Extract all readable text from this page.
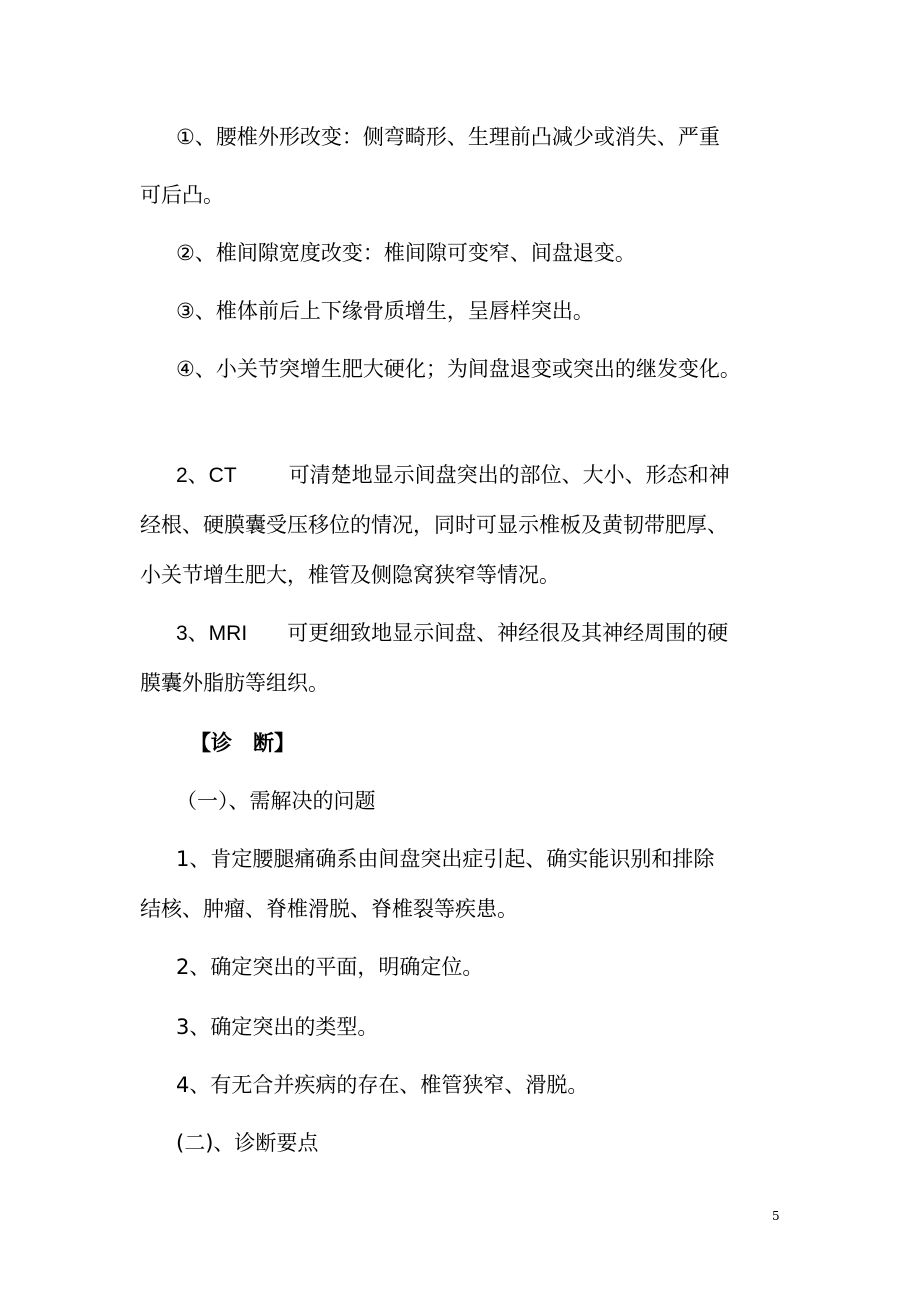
①、腰椎外形改变：侧弯畸形、生理前凸减少或消失、严重
可后凸。
②、椎间隙宽度改变：椎间隙可变窄、间盘退变。
③、椎体前后上下缘骨质增生，呈唇样突出。
④、小关节突增生肥大硬化；为间盘退变或突出的继发变化。
2、CT 可清楚地显示间盘突出的部位、大小、形态和神
经根、硬膜囊受压移位的情况，同时可显示椎板及黄韧带肥厚、
小关节增生肥大，椎管及侧隐窝狭窄等情况。
3、MRI 可更细致地显示间盘、神经很及其神经周围的硬
膜囊外脂肪等组织。
【诊　断】
（一）、需解决的问题
1、肯定腰腿痛确系由间盘突出症引起、确实能识别和排除
结核、肿瘤、脊椎滑脱、脊椎裂等疾患。
2、确定突出的平面，明确定位。
3、确定突出的类型。
4、有无合并疾病的存在、椎管狭窄、滑脱。
(二)、诊断要点
5
